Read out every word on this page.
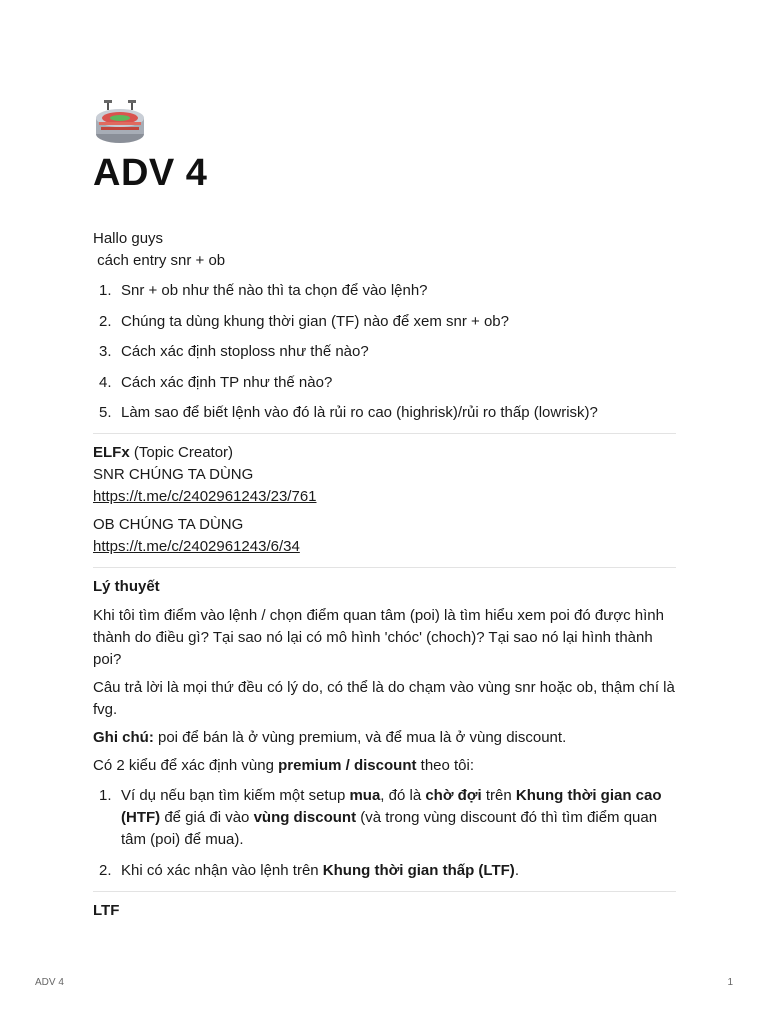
ADV 4

Hallo guys

cách entry snr + ob

1. Snr + ob như thế nào thì ta chọn để vào lệnh?
2. Chúng ta dùng khung thời gian (TF) nào để xem snr + ob?
3. Cách xác định stoploss như thế nào?
4. Cách xác định TP như thế nào?
5. Làm sao để biết lệnh vào đó là rủi ro cao (highrisk)/rủi ro thấp (lowrisk)?

ELFx (Topic Creator)

SNR CHÚNG TA DÙNG

https://t.me/c/2402961243/23/761

OB CHÚNG TA DÙNG

https://t.me/c/2402961243/6/34

Lý thuyết

Khi tôi tìm điểm vào lệnh / chọn điểm quan tâm (poi) là tìm hiểu xem poi đó được hình thành do điều gì? Tại sao nó lại có mô hình 'chóc' (choch)? Tại sao nó lại hình thành poi?

Câu trả lời là mọi thứ đều có lý do, có thể là do chạm vào vùng snr hoặc ob, thậm chí là fvg.

Ghi chú: poi để bán là ở vùng premium, và để mua là ở vùng discount.

Có 2 kiểu để xác định vùng premium / discount theo tôi:

1. Ví dụ nếu bạn tìm kiếm một setup mua, đó là chờ đợi trên Khung thời gian cao (HTF) để giá đi vào vùng discount (và trong vùng discount đó thì tìm điểm quan tâm (poi) để mua).
2. Khi có xác nhận vào lệnh trên Khung thời gian thấp (LTF).

LTF

ADV 4	1
